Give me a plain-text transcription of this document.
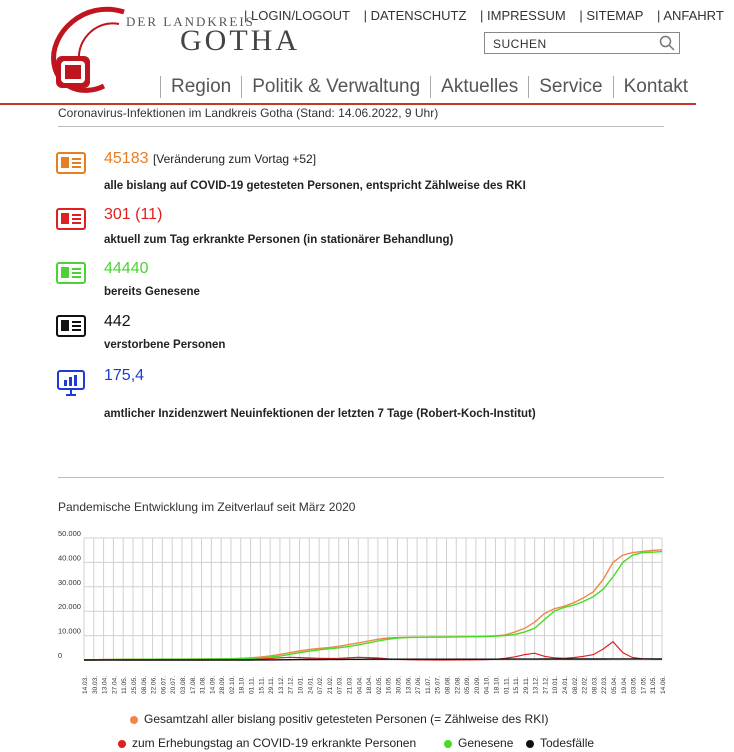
DER LANDKREIS
GOTHA
| LOGIN/LOGOUT | DATENSCHUTZ | IMPRESSUM | SITEMAP | ANFAHRT
SUCHEN
Region Politik & Verwaltung Aktuelles Service Kontakt
Coronavirus-Infektionen im Landkreis Gotha (Stand: 14.06.2022, 9 Uhr)
45183 [Veränderung zum Vortag +52]
alle bislang auf COVID-19 getesteten Personen, entspricht Zählweise des RKI
301 (11)
aktuell zum Tag erkrankte Personen (in stationärer Behandlung)
44440
bereits Genesene
442
verstorbene Personen
175,4
amtlicher Inzidenzwert Neuinfektionen der letzten 7 Tage (Robert-Koch-Institut)
Pandemische Entwicklung im Zeitverlauf seit März 2020
50.000
40.000
30.000
20.000
10.000
0
14.03. 30.03. 13.04. 27.04. 11.05. 25.05. 08.06. 22.06. 06.07. 20.07. 03.08. 17.08. 31.08. 14.09. 28.09. 02.10. 18.10. 01.11. 15.11. 29.11. 13.12. 27.12. 10.01. 24.01. 07.02. 21.02. 07.03. 21.03. 04.04. 18.04. 02.05. 16.05. 30.05. 13.06. 27.06. 11.07. 25.07. 08.08. 22.08. 05.09. 20.09. 04.10. 18.10. 01.11. 15.11. 29.11. 13.12. 27.12. 10.01. 24.01. 08.02. 22.02. 08.03. 22.03. 05.04. 19.04. 03.05. 17.05. 31.05. 14.06.
Gesamtzahl aller bislang positiv getesteten Personen (= Zählweise des RKI)
zum Erhebungstag an COVID-19 erkrankte Personen	Genesene	Todesfälle
